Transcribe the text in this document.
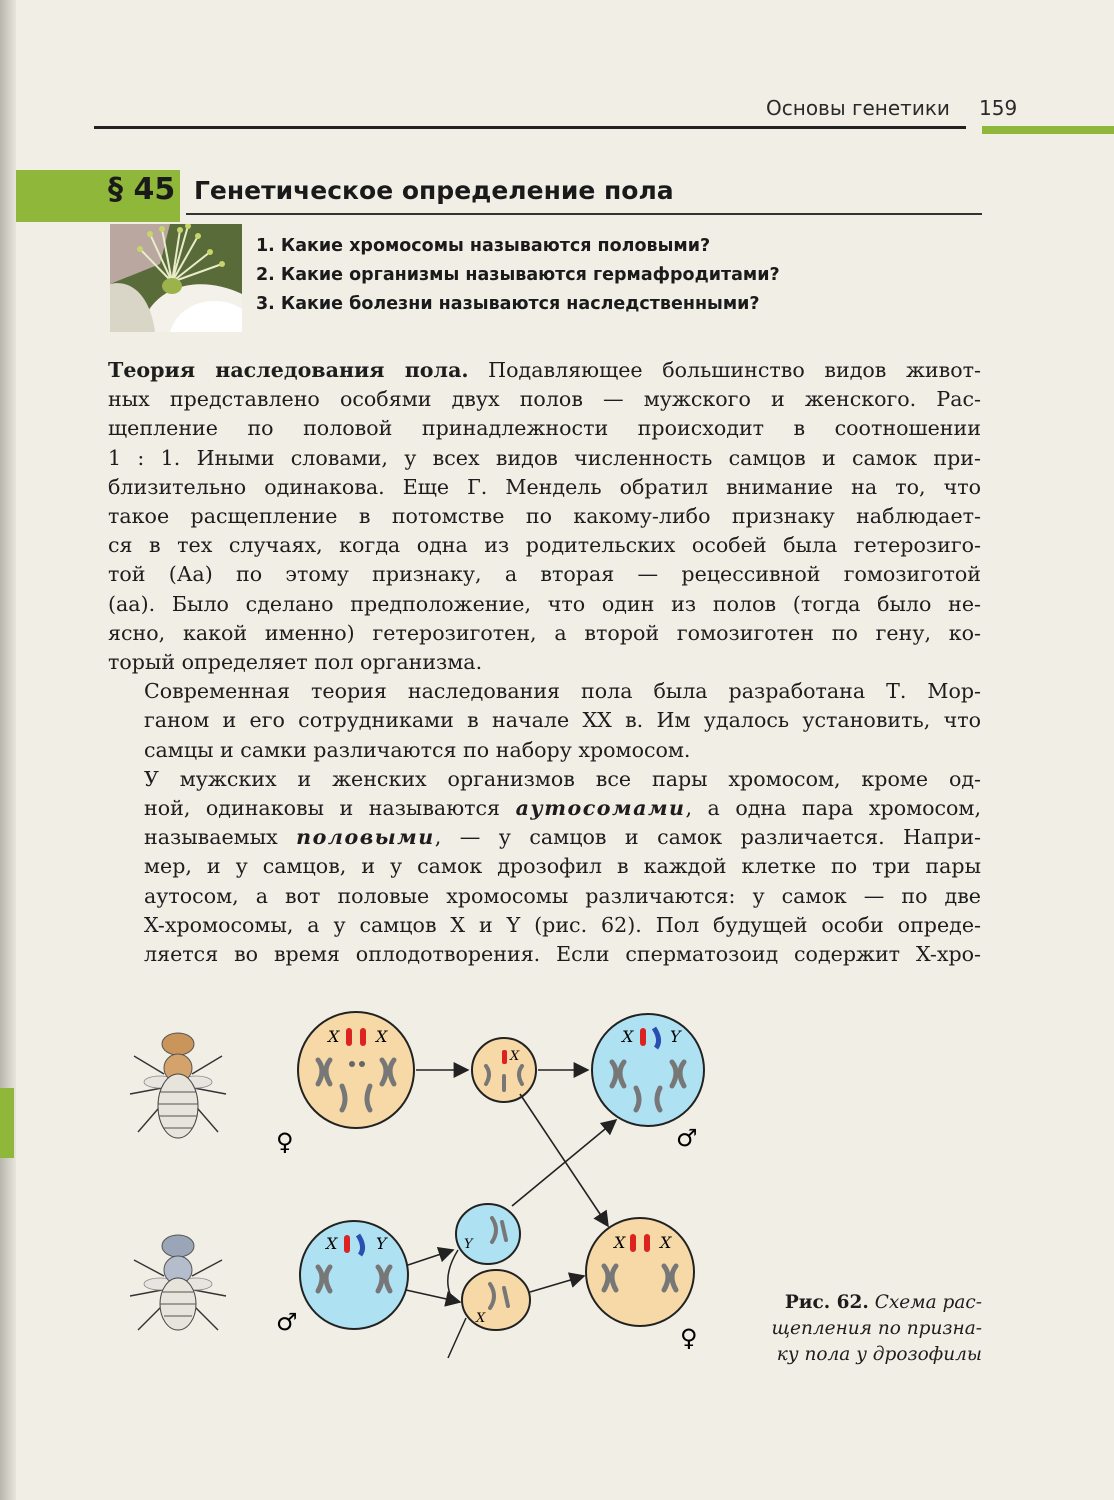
Основы генетики 159
§ 45 Генетическое определение пола
1. Какие хромосомы называются половыми?
2. Какие организмы называются гермафродитами?
3. Какие болезни называются наследственными?

Теория наследования пола. Подавляющее большинство видов живот-
ных представлено особями двух полов — мужского и женского. Рас-
щепление по половой принадлежности происходит в соотношении
1 : 1. Иными словами, у всех видов численность самцов и самок при-
близительно одинакова. Еще Г. Мендель обратил внимание на то, что
такое расщепление в потомстве по какому-либо признаку наблюдает-
ся в тех случаях, когда одна из родительских особей была гетерозиго-
той (Аа) по этому признаку, а вторая — рецессивной гомозиготой
(аа). Было сделано предположение, что один из полов (тогда было не-
ясно, какой именно) гетерозиготен, а второй гомозиготен по гену, ко-
торый определяет пол организма.

Современная теория наследования пола была разработана Т. Мор-
ганом и его сотрудниками в начале XX в. Им удалось установить, что
самцы и самки различаются по набору хромосом.

У мужских и женских организмов все пары хромосом, кроме од-
ной, одинаковы и называются аутосомами, а одна пара хромосом,
называемых половыми, — у самцов и самок различается. Напри-
мер, и у самцов, и у самок дрозофил в каждой клетке по три пары
аутосом, а вот половые хромосомы различаются: у самок — по две
X-хромосомы, а у самцов X и Y (рис. 62). Пол будущей особи опреде-
ляется во время оплодотворения. Если сперматозоид содержит X-хро-

X X
♀
X
X Y
♂
X Y
♂
Y
X
X X
♀
Рис. 62. Схема рас-
щепления по призна-
ку пола у дрозофилы
